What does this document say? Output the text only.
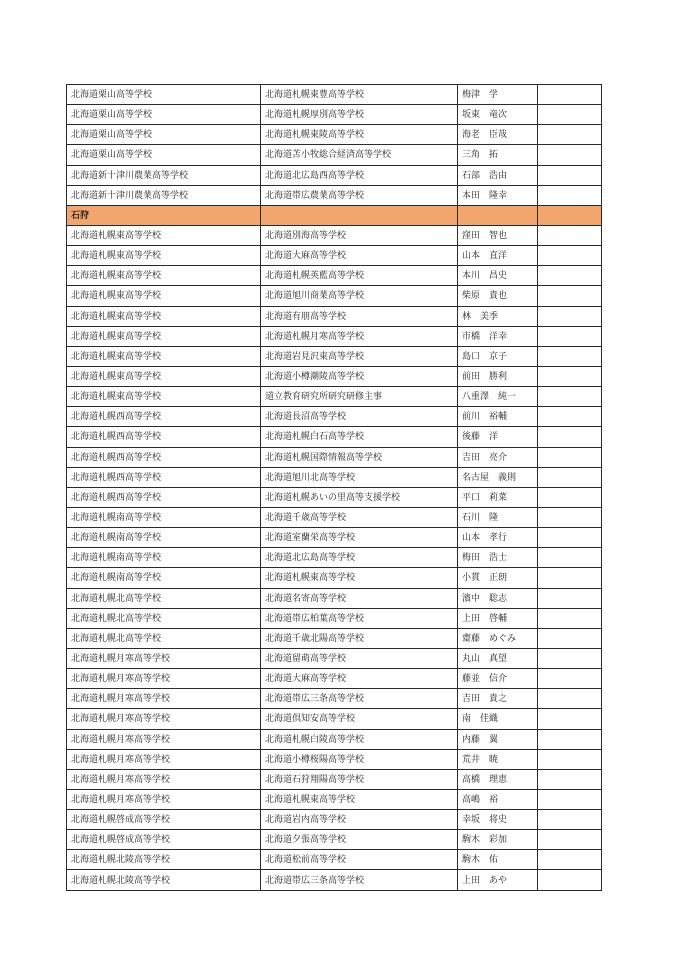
北海道栗山高等学校	北海道札幌東豊高等学校	梅津　学	
北海道栗山高等学校	北海道札幌厚別高等学校	坂東　竜次	
北海道栗山高等学校	北海道札幌東陵高等学校	海老　臣哉	
北海道栗山高等学校	北海道苫小牧総合経済高等学校	三角　拓	
北海道新十津川農業高等学校	北海道北広島西高等学校	石部　浩由	
北海道新十津川農業高等学校	北海道帯広農業高等学校	本田　隆幸	
石狩			
北海道札幌東高等学校	北海道別海高等学校	窪田　智也	
北海道札幌東高等学校	北海道大麻高等学校	山本　直洋	
北海道札幌東高等学校	北海道札幌英藍高等学校	本川　昌史	
北海道札幌東高等学校	北海道旭川商業高等学校	柴原　貴也	
北海道札幌東高等学校	北海道有朋高等学校	林　美季	
北海道札幌東高等学校	北海道札幌月寒高等学校	市橋　洋幸	
北海道札幌東高等学校	北海道岩見沢東高等学校	島口　京子	
北海道札幌東高等学校	北海道小樽潮陵高等学校	前田　勝利	
北海道札幌東高等学校	道立教育研究所研究研修主事	八重澤　純一	
北海道札幌西高等学校	北海道長沼高等学校	前川　裕輔	
北海道札幌西高等学校	北海道札幌白石高等学校	後藤　洋	
北海道札幌西高等学校	北海道札幌国際情報高等学校	吉田　亮介	
北海道札幌西高等学校	北海道旭川北高等学校	名古屋　義則	
北海道札幌西高等学校	北海道札幌あいの里高等支援学校	平口　莉菜	
北海道札幌南高等学校	北海道千歳高等学校	石川　隆	
北海道札幌南高等学校	北海道室蘭栄高等学校	山本　孝行	
北海道札幌南高等学校	北海道北広島高等学校	梅田　浩士	
北海道札幌南高等学校	北海道札幌東高等学校	小貫　正朗	
北海道札幌北高等学校	北海道名寄高等学校	濱中　聡志	
北海道札幌北高等学校	北海道帯広柏葉高等学校	上田　啓輔	
北海道札幌北高等学校	北海道千歳北陽高等学校	齋藤　めぐみ	
北海道札幌月寒高等学校	北海道留萌高等学校	丸山　真望	
北海道札幌月寒高等学校	北海道大麻高等学校	藤並　信介	
北海道札幌月寒高等学校	北海道帯広三条高等学校	吉田　貴之	
北海道札幌月寒高等学校	北海道倶知安高等学校	南　佳織	
北海道札幌月寒高等学校	北海道札幌白陵高等学校	内藤　翼	
北海道札幌月寒高等学校	北海道小樽桜陽高等学校	荒井　暁	
北海道札幌月寒高等学校	北海道石狩翔陽高等学校	高橋　理恵	
北海道札幌月寒高等学校	北海道札幌東高等学校	高嶋　裕	
北海道札幌啓成高等学校	北海道岩内高等学校	幸坂　将史	
北海道札幌啓成高等学校	北海道夕張高等学校	駒木　彩加	
北海道札幌北陵高等学校	北海道松前高等学校	駒木　佑	
北海道札幌北陵高等学校	北海道帯広三条高等学校	上田　あや	
